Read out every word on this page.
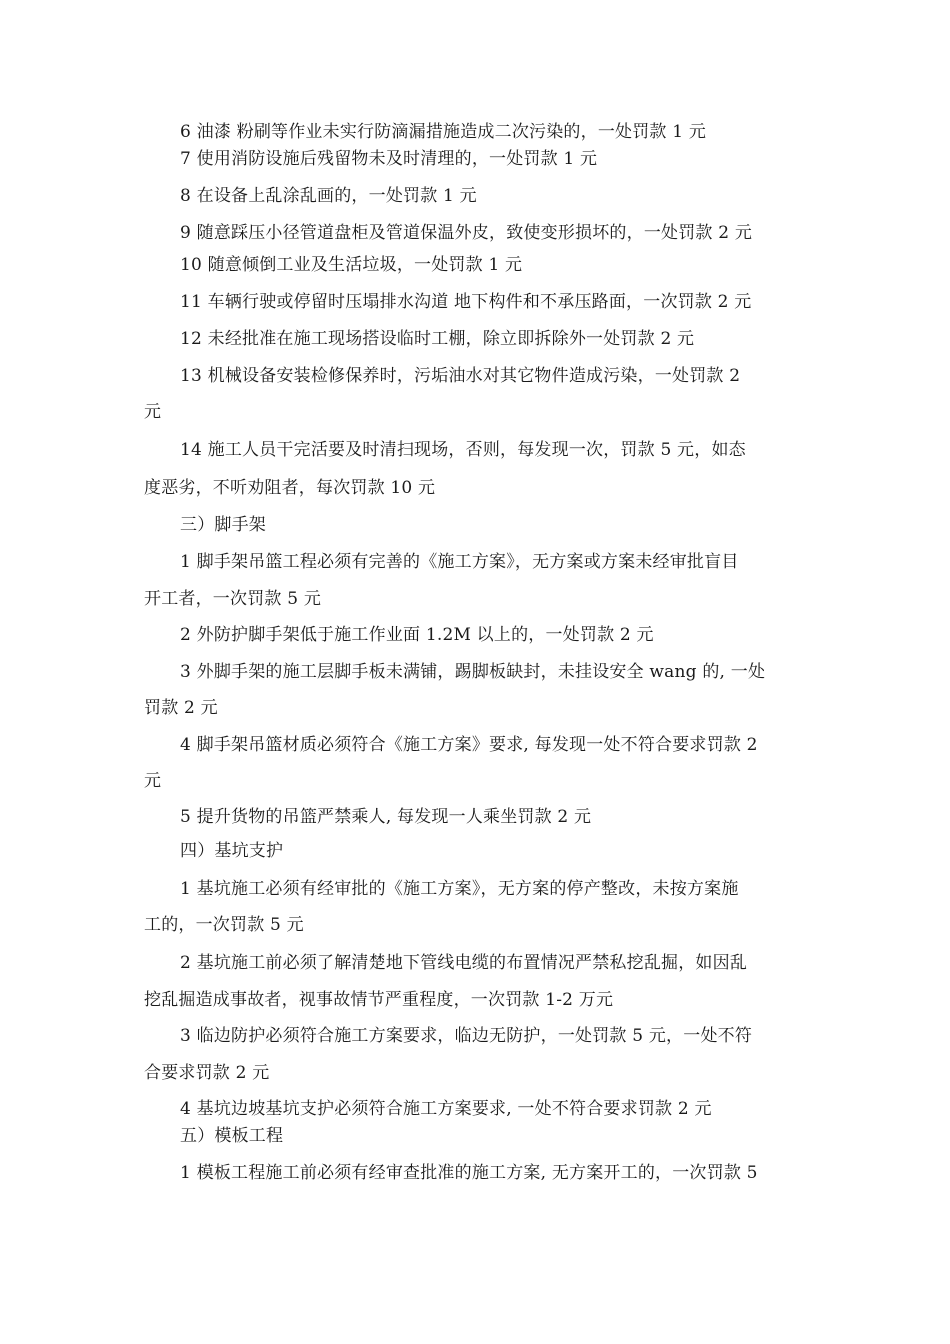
6 油漆 粉刷等作业未实行防滴漏措施造成二次污染的，一处罚款 1 元
7 使用消防设施后残留物未及时清理的，一处罚款 1 元
8 在设备上乱涂乱画的，一处罚款 1 元
9 随意踩压小径管道盘柜及管道保温外皮，致使变形损坏的，一处罚款 2 元
10 随意倾倒工业及生活垃圾，一处罚款 1 元
11 车辆行驶或停留时压塌排水沟道 地下构件和不承压路面，一次罚款 2 元
12 未经批准在施工现场搭设临时工棚，除立即拆除外一处罚款 2 元
13 机械设备安装检修保养时，污垢油水对其它物件造成污染，一处罚款 2
元
14 施工人员干完活要及时清扫现场，否则，每发现一次，罚款 5 元，如态
度恶劣，不听劝阻者，每次罚款 10 元
三）脚手架
1 脚手架吊篮工程必须有完善的《施工方案》，无方案或方案未经审批盲目
开工者，一次罚款 5 元
2 外防护脚手架低于施工作业面 1.2M 以上的，一处罚款 2 元
3 外脚手架的施工层脚手板未满铺，踢脚板缺封，未挂设安全 wang 的, 一处
罚款 2 元
4 脚手架吊篮材质必须符合《施工方案》要求, 每发现一处不符合要求罚款 2
元
5 提升货物的吊篮严禁乘人, 每发现一人乘坐罚款 2 元
四）基坑支护
1 基坑施工必须有经审批的《施工方案》，无方案的停产整改，未按方案施
工的，一次罚款 5 元
2 基坑施工前必须了解清楚地下管线电缆的布置情况严禁私挖乱掘，如因乱
挖乱掘造成事故者，视事故情节严重程度，一次罚款 1-2 万元
3 临边防护必须符合施工方案要求，临边无防护，一处罚款 5 元，一处不符
合要求罚款 2 元
4 基坑边坡基坑支护必须符合施工方案要求, 一处不符合要求罚款 2 元
五）模板工程
1 模板工程施工前必须有经审查批准的施工方案, 无方案开工的，一次罚款 5
